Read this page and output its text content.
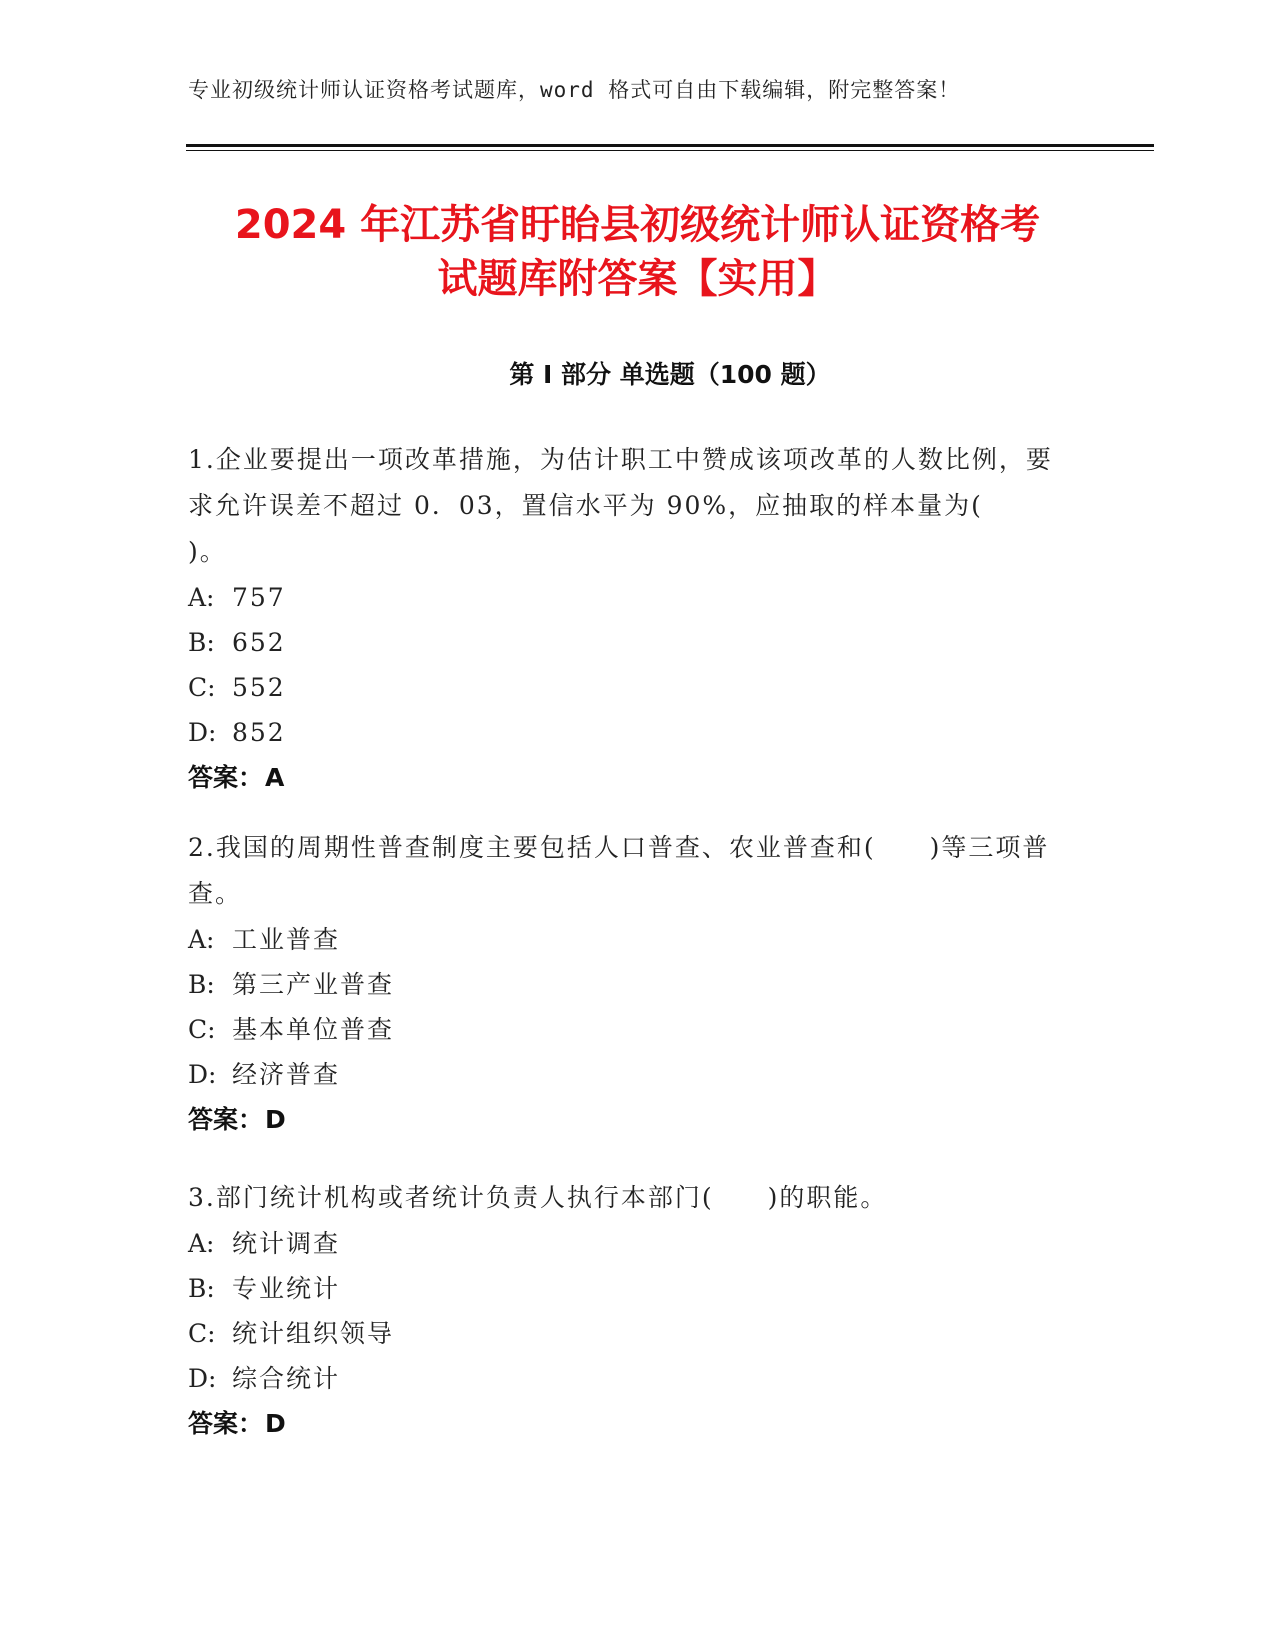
专业初级统计师认证资格考试题库，word 格式可自由下载编辑，附完整答案！
2024 年江苏省盱眙县初级统计师认证资格考
试题库附答案【实用】
第 I 部分 单选题（100 题）

1.企业要提出一项改革措施，为估计职工中赞成该项改革的人数比例，要求允许误差不超过 0．03，置信水平为 90%，应抽取的样本量为(　　)。

A: 757

B: 652

C: 552

D: 852

答案：A

2.我国的周期性普查制度主要包括人口普查、农业普查和(　　)等三项普查。

A: 工业普查

B: 第三产业普查

C: 基本单位普查

D: 经济普查

答案：D

3.部门统计机构或者统计负责人执行本部门(　　)的职能。

A: 统计调查

B: 专业统计

C: 统计组织领导

D: 综合统计

答案：D
